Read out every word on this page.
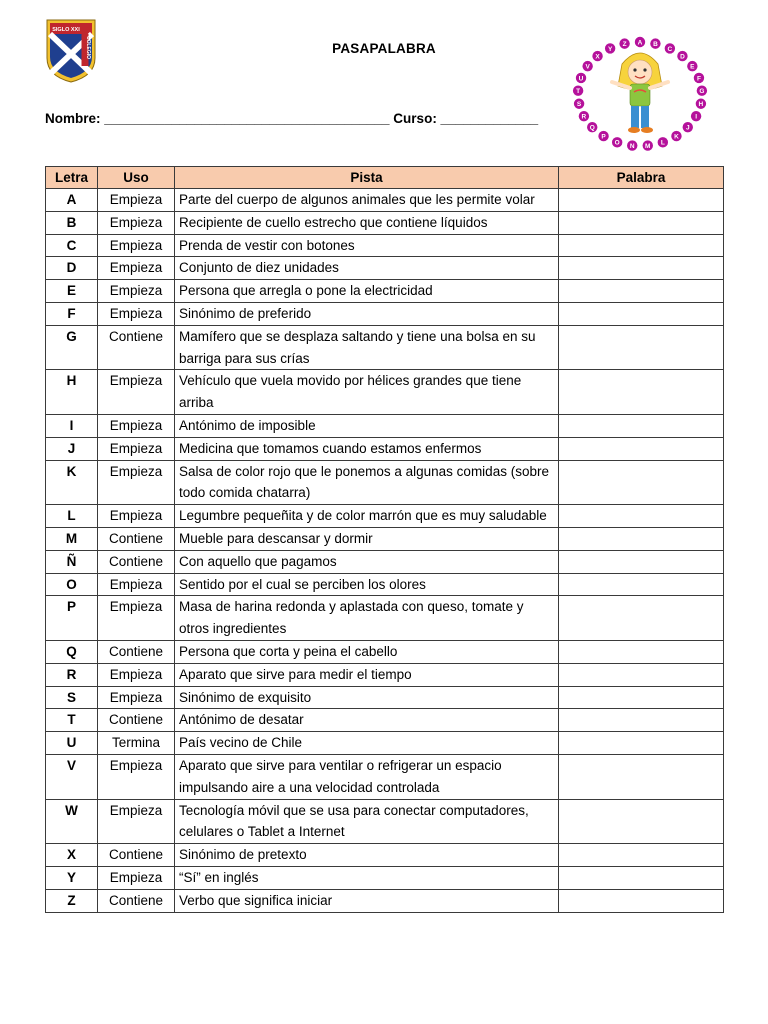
SIGLO XXI
COLEGIO	PASAPALABRA
Nombre: ______________________________________ Curso: _____________
A B
C
D
E
F
G
H
I
J
K
L
M
N
O
P
Q
R
S
T
U
V
X
Y
Z
Letra	Uso	Pista	Palabra
A	Empieza	Parte del cuerpo de algunos animales que les permite volar	
B	Empieza	Recipiente de cuello estrecho que contiene líquidos	
C	Empieza	Prenda de vestir con botones	
D	Empieza	Conjunto de diez unidades	
E	Empieza	Persona que arregla o pone la electricidad	
F	Empieza	Sinónimo de preferido	
G	Contiene	Mamífero que se desplaza saltando y tiene una bolsa en su barriga para sus crías	
H	Empieza	Vehículo que vuela movido por hélices grandes que tiene arriba	
I	Empieza	Antónimo de imposible	
J	Empieza	Medicina que tomamos cuando estamos enfermos	
K	Empieza	Salsa de color rojo que le ponemos a algunas comidas (sobre todo comida chatarra)	
L	Empieza	Legumbre pequeñita y de color marrón que es muy saludable	
M	Contiene	Mueble para descansar y dormir	
Ñ	Contiene	Con aquello que pagamos	
O	Empieza	Sentido por el cual se perciben los olores	
P	Empieza	Masa de harina redonda y aplastada con queso, tomate y otros ingredientes	
Q	Contiene	Persona que corta y peina el cabello	
R	Empieza	Aparato que sirve para medir el tiempo	
S	Empieza	Sinónimo de exquisito	
T	Contiene	Antónimo de desatar	
U	Termina	País vecino de Chile	
V	Empieza	Aparato que sirve para ventilar o refrigerar un espacio impulsando aire a una velocidad controlada	
W	Empieza	Tecnología móvil que se usa para conectar computadores, celulares o Tablet a Internet	
X	Contiene	Sinónimo de pretexto	
Y	Empieza	“Sí” en inglés	
Z	Contiene	Verbo que significa iniciar	
